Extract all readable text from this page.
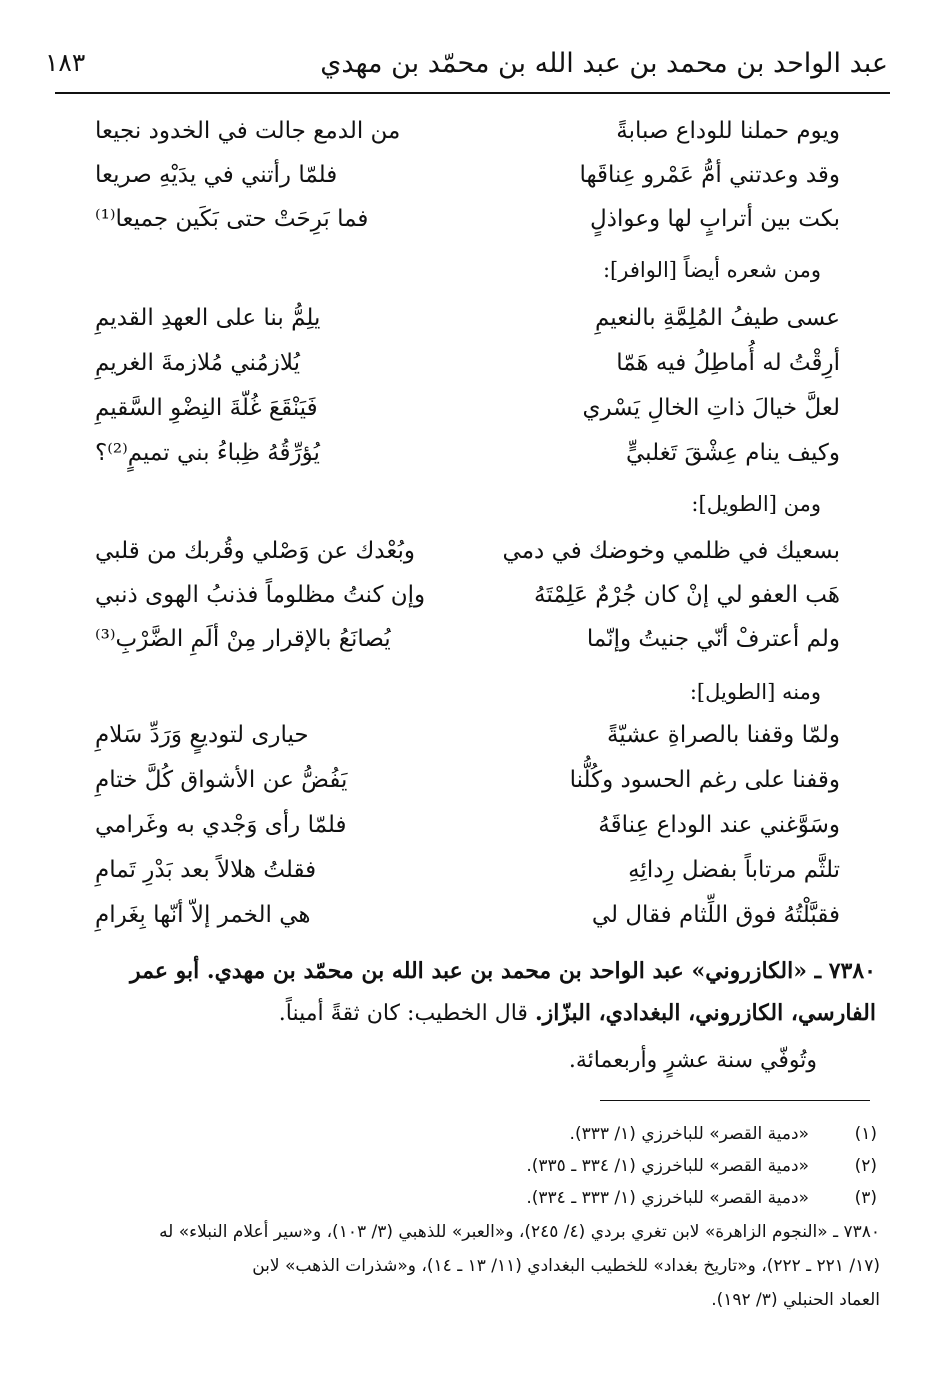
عبد الواحد بن محمد بن عبد الله بن محمّد بن مهدي
١٨٣
ويوم حملنا للوداع صبابةً
من الدمع جالت في الخدود نجيعا
وقد وعدتني أمُّ عَمْرو عِناقَها
فلمّا رأتني في يدَيْهِ صريعا
بكت بين أترابٍ لها وعواذلٍ
فما بَرِحَتْ حتى بَكَين جميعا⁽¹⁾
ومن شعره أيضاً [الوافر]:
عسى طيفُ المُلِمَّةِ بالنعيمِ
يلِمُّ بنا على العهدِ القديمِ
أرِقْتُ له أُماطِلُ فيه هَمّا
يُلازمُني مُلازمةَ الغريمِ
لعلَّ خيالَ ذاتِ الخالِ يَسْري
فَيَنْقَعَ غُلّةَ النِضْوِ السَّقيمِ
وكيف ينام عِشْقَ تَغلبيٍّ
يُؤرِّقُهُ ظِباءُ بني تميمٍ⁽²⁾؟
ومن [الطويل]:
بسعيك في ظلمي وخوضك في دمي
وبُعْدك عن وَصْلي وقُربك من قلبي
هَب العفو لي إنْ كان جُرْمٌ عَلِمْتَهُ
وإن كنتُ مظلوماً فذنبُ الهوى ذنبي
ولم أعترفْ أنّي جنيتُ وإنّما
يُصانَعُ بالإقرار مِنْ ألَمِ الضَّرْبِ⁽³⁾
ومنه [الطويل]:
ولمّا وقفنا بالصراةِ عشيّةً
حيارى لتوديعٍ وَرَدِّ سَلامِ
وقفنا على رغم الحسود وكُلُّنا
يَفُضُّ عن الأشواق كُلَّ ختامِ
وسَوَّغني عند الوداع عِناقَهُ
فلمّا رأى وَجْدي به وغَرامي
تلثَّم مرتاباً بفضل رِدائِهِ
فقلتُ هلالاً بعد بَدْرِ تَمامِ
فقبَّلْتُهُ فوق اللِّثام فقال لي
هي الخمر إلاّ أنّها بِغَرامِ
٧٣٨٠ ـ «الكازروني» عبد الواحد بن محمد بن عبد الله بن محمّد بن مهدي. أبو عمر
الفارسي، الكازروني، البغدادي، البزّاز. قال الخطيب: كان ثقةً أميناً.
وتُوفّي سنة عشرٍ وأربعمائة.
(١)
«دمية القصر» للباخرزي (١/ ٣٣٣).
(٢)
«دمية القصر» للباخرزي (١/ ٣٣٤ ـ ٣٣٥).
(٣)
«دمية القصر» للباخرزي (١/ ٣٣٣ ـ ٣٣٤).
٧٣٨٠ ـ «النجوم الزاهرة» لابن تغري بردي (٤/ ٢٤٥)، و«العبر» للذهبي (٣/ ١٠٣)، و«سير أعلام النبلاء» له
(١٧/ ٢٢١ ـ ٢٢٢)، و«تاريخ بغداد» للخطيب البغدادي (١١/ ١٣ ـ ١٤)، و«شذرات الذهب» لابن
العماد الحنبلي (٣/ ١٩٢).
